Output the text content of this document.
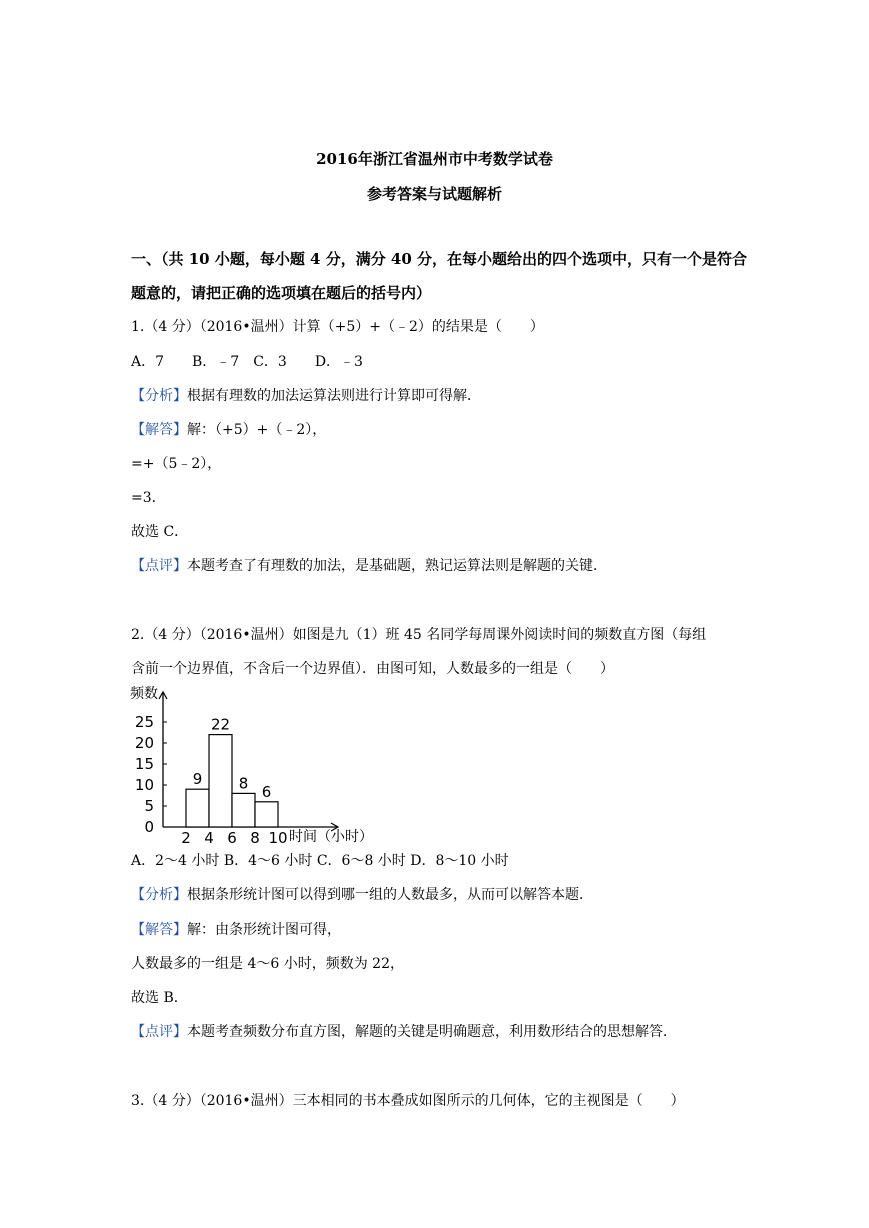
2016年浙江省温州市中考数学试卷
参考答案与试题解析
一、（共 10 小题，每小题 4 分，满分 40 分，在每小题给出的四个选项中，只有一个是符合
题意的，请把正确的选项填在题后的括号内）
1.（4 分）（2016•温州）计算（+5）+（﹣2）的结果是（　　）
A．7　　B．﹣7　C．3　　D．﹣3
【分析】根据有理数的加法运算法则进行计算即可得解．
【解答】解：（+5）+（﹣2），
=+（5﹣2），
=3．
故选 C．
【点评】本题考查了有理数的加法，是基础题，熟记运算法则是解题的关键．
2.（4 分）（2016•温州）如图是九（1）班 45 名同学每周课外阅读时间的频数直方图（每组
含前一个边界值，不含后一个边界值）．由图可知，人数最多的一组是（　　）
频数
时间（小时）
0
5
10
15
20
25
2 4 6 8 10
9
22
8 6
A．2～4 小时 B．4～6 小时 C．6～8 小时 D．8～10 小时
【分析】根据条形统计图可以得到哪一组的人数最多，从而可以解答本题．
【解答】解：由条形统计图可得，
人数最多的一组是 4～6 小时，频数为 22，
故选 B．
【点评】本题考查频数分布直方图，解题的关键是明确题意，利用数形结合的思想解答．
3.（4 分）（2016•温州）三本相同的书本叠成如图所示的几何体，它的主视图是（　　）
